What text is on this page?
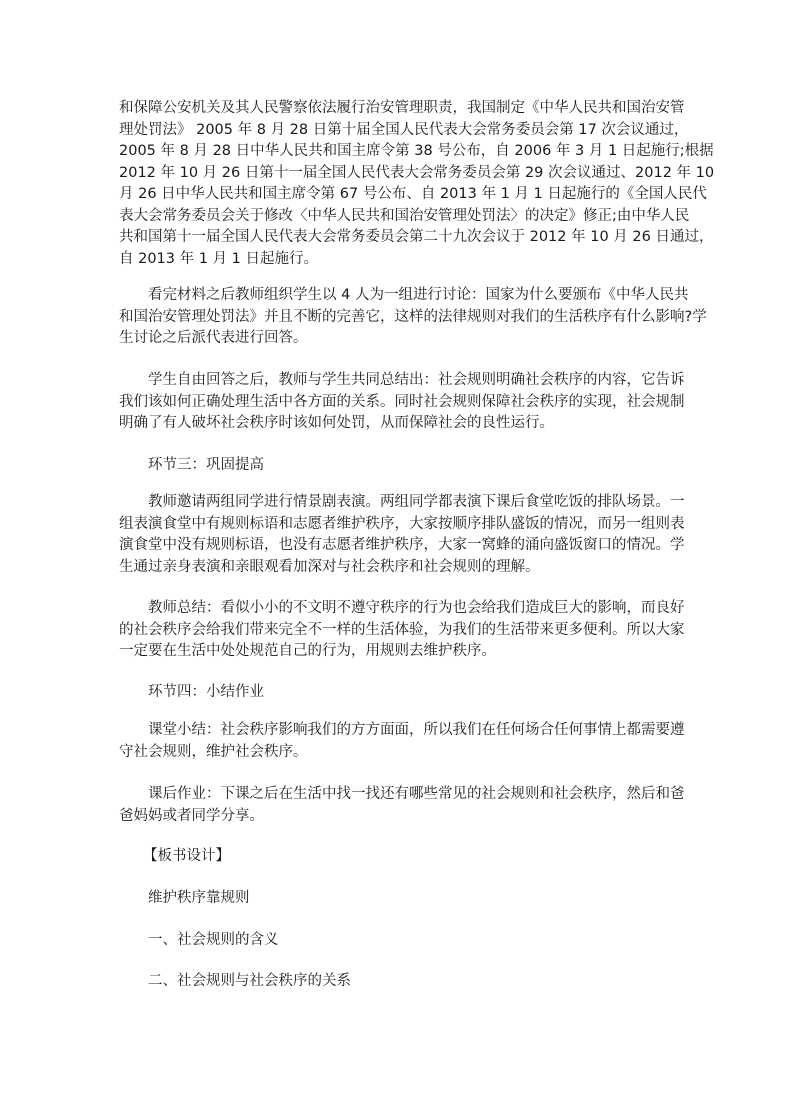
和保障公安机关及其人民警察依法履行治安管理职责，我国制定《中华人民共和国治安管
理处罚法》 2005 年 8 月 28 日第十届全国人民代表大会常务委员会第 17 次会议通过，
2005 年 8 月 28 日中华人民共和国主席令第 38 号公布，自 2006 年 3 月 1 日起施行;根据
2012 年 10 月 26 日第十一届全国人民代表大会常务委员会第 29 次会议通过、2012 年 10
月 26 日中华人民共和国主席令第 67 号公布、自 2013 年 1 月 1 日起施行的《全国人民代
表大会常务委员会关于修改〈中华人民共和国治安管理处罚法〉的决定》修正;由中华人民
共和国第十一届全国人民代表大会常务委员会第二十九次会议于 2012 年 10 月 26 日通过，
自 2013 年 1 月 1 日起施行。
看完材料之后教师组织学生以 4 人为一组进行讨论：国家为什么要颁布《中华人民共
和国治安管理处罚法》并且不断的完善它，这样的法律规则对我们的生活秩序有什么影响?学
生讨论之后派代表进行回答。
学生自由回答之后，教师与学生共同总结出：社会规则明确社会秩序的内容，它告诉
我们该如何正确处理生活中各方面的关系。同时社会规则保障社会秩序的实现，社会规制
明确了有人破坏社会秩序时该如何处罚，从而保障社会的良性运行。

环节三：巩固提高

教师邀请两组同学进行情景剧表演。两组同学都表演下课后食堂吃饭的排队场景。一
组表演食堂中有规则标语和志愿者维护秩序，大家按顺序排队盛饭的情况，而另一组则表
演食堂中没有规则标语，也没有志愿者维护秩序，大家一窝蜂的涌向盛饭窗口的情况。学
生通过亲身表演和亲眼观看加深对与社会秩序和社会规则的理解。
教师总结：看似小小的不文明不遵守秩序的行为也会给我们造成巨大的影响，而良好
的社会秩序会给我们带来完全不一样的生活体验，为我们的生活带来更多便利。所以大家
一定要在生活中处处规范自己的行为，用规则去维护秩序。

环节四：小结作业

课堂小结：社会秩序影响我们的方方面面，所以我们在任何场合任何事情上都需要遵
守社会规则，维护社会秩序。
课后作业：下课之后在生活中找一找还有哪些常见的社会规则和社会秩序，然后和爸
爸妈妈或者同学分享。

【板书设计】

维护秩序靠规则

一、社会规则的含义

二、社会规则与社会秩序的关系
